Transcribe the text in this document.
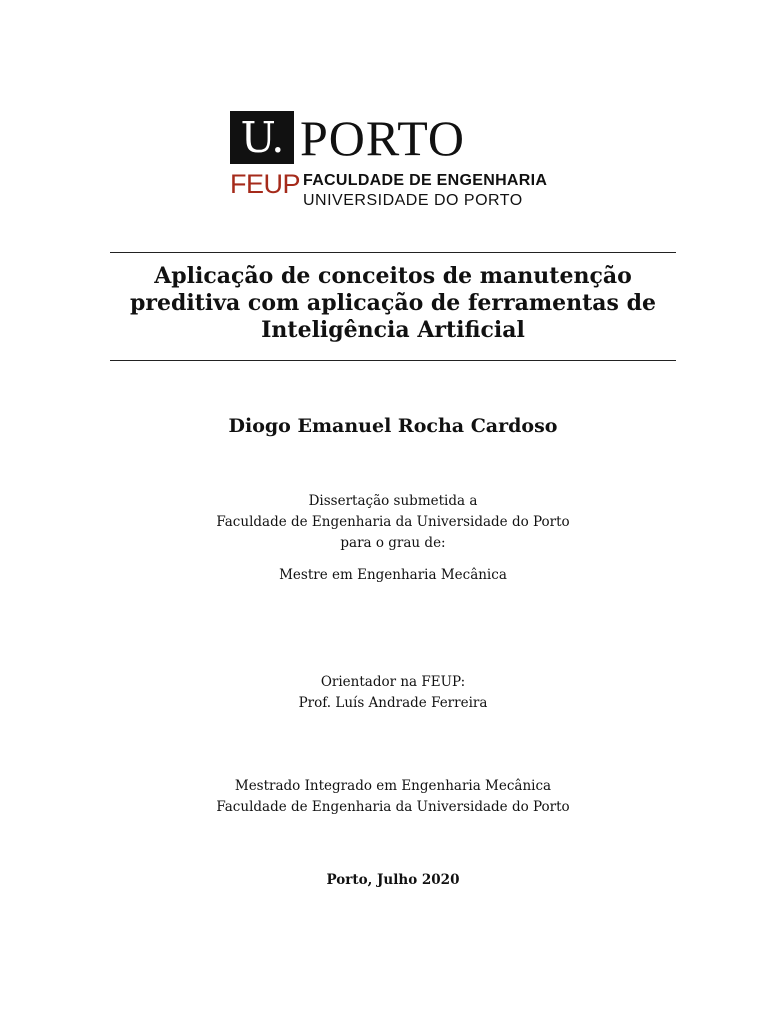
U. PORTO
FEUP FACULDADE DE ENGENHARIA
UNIVERSIDADE DO PORTO
Aplicação de conceitos de manutenção
preditiva com aplicação de ferramentas de
Inteligência Artificial
Diogo Emanuel Rocha Cardoso
Dissertação submetida a
Faculdade de Engenharia da Universidade do Porto
para o grau de:
Mestre em Engenharia Mecânica
Orientador na FEUP:
Prof. Luís Andrade Ferreira
Mestrado Integrado em Engenharia Mecânica
Faculdade de Engenharia da Universidade do Porto
Porto, Julho 2020
